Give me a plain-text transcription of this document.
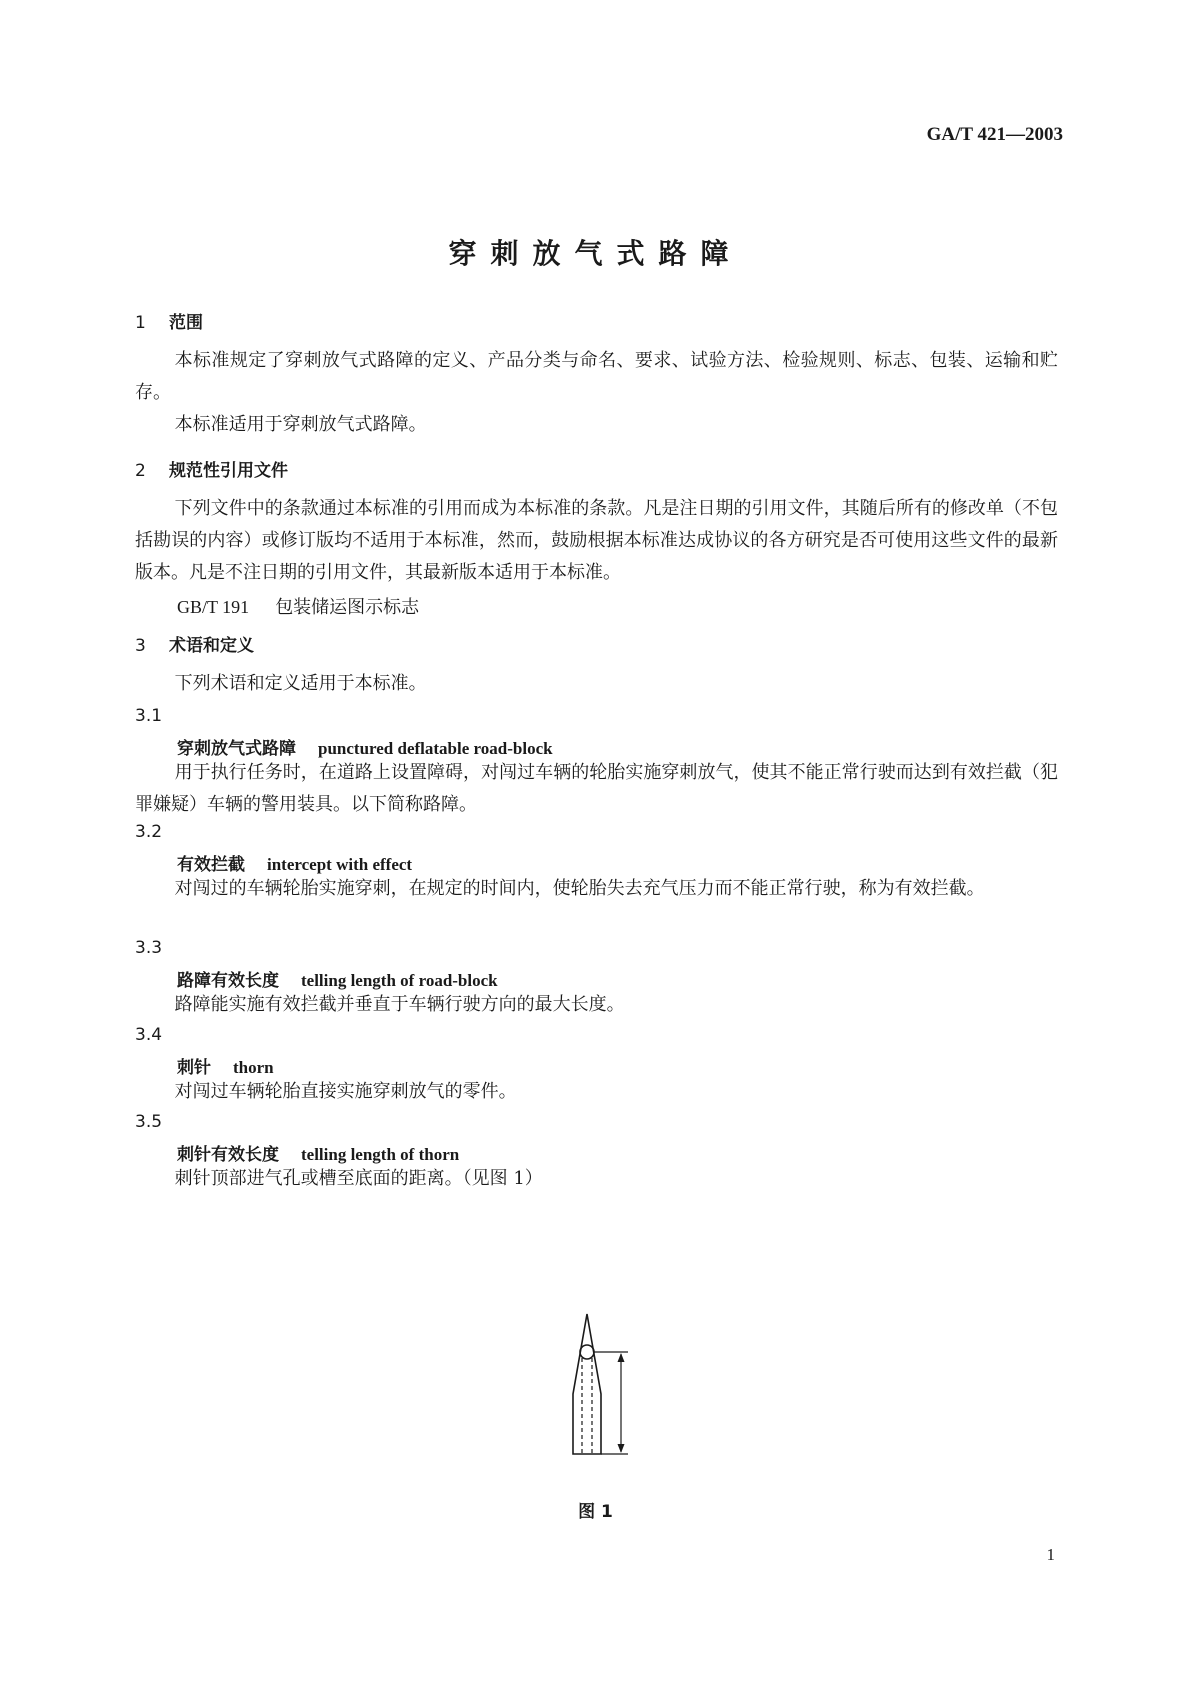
GA/T 421—2003
穿刺放气式路障
1 范围
本标准规定了穿刺放气式路障的定义、产品分类与命名、要求、试验方法、检验规则、标志、包装、运输和贮存。
本标准适用于穿刺放气式路障。
2 规范性引用文件
下列文件中的条款通过本标准的引用而成为本标准的条款。凡是注日期的引用文件，其随后所有的修改单（不包括勘误的内容）或修订版均不适用于本标准，然而，鼓励根据本标准达成协议的各方研究是否可使用这些文件的最新版本。凡是不注日期的引用文件，其最新版本适用于本标准。
GB/T 191 包装储运图示标志
3 术语和定义
下列术语和定义适用于本标准。
3.1
穿刺放气式路障 punctured deflatable road-block
用于执行任务时，在道路上设置障碍，对闯过车辆的轮胎实施穿刺放气，使其不能正常行驶而达到有效拦截（犯罪嫌疑）车辆的警用装具。以下简称路障。
3.2
有效拦截 intercept with effect
对闯过的车辆轮胎实施穿刺，在规定的时间内，使轮胎失去充气压力而不能正常行驶，称为有效拦截。
3.3
路障有效长度 telling length of road-block
路障能实施有效拦截并垂直于车辆行驶方向的最大长度。
3.4
刺针 thorn
对闯过车辆轮胎直接实施穿刺放气的零件。
3.5
刺针有效长度 telling length of thorn
刺针顶部进气孔或槽至底面的距离。（见图 1）
图 1
1
